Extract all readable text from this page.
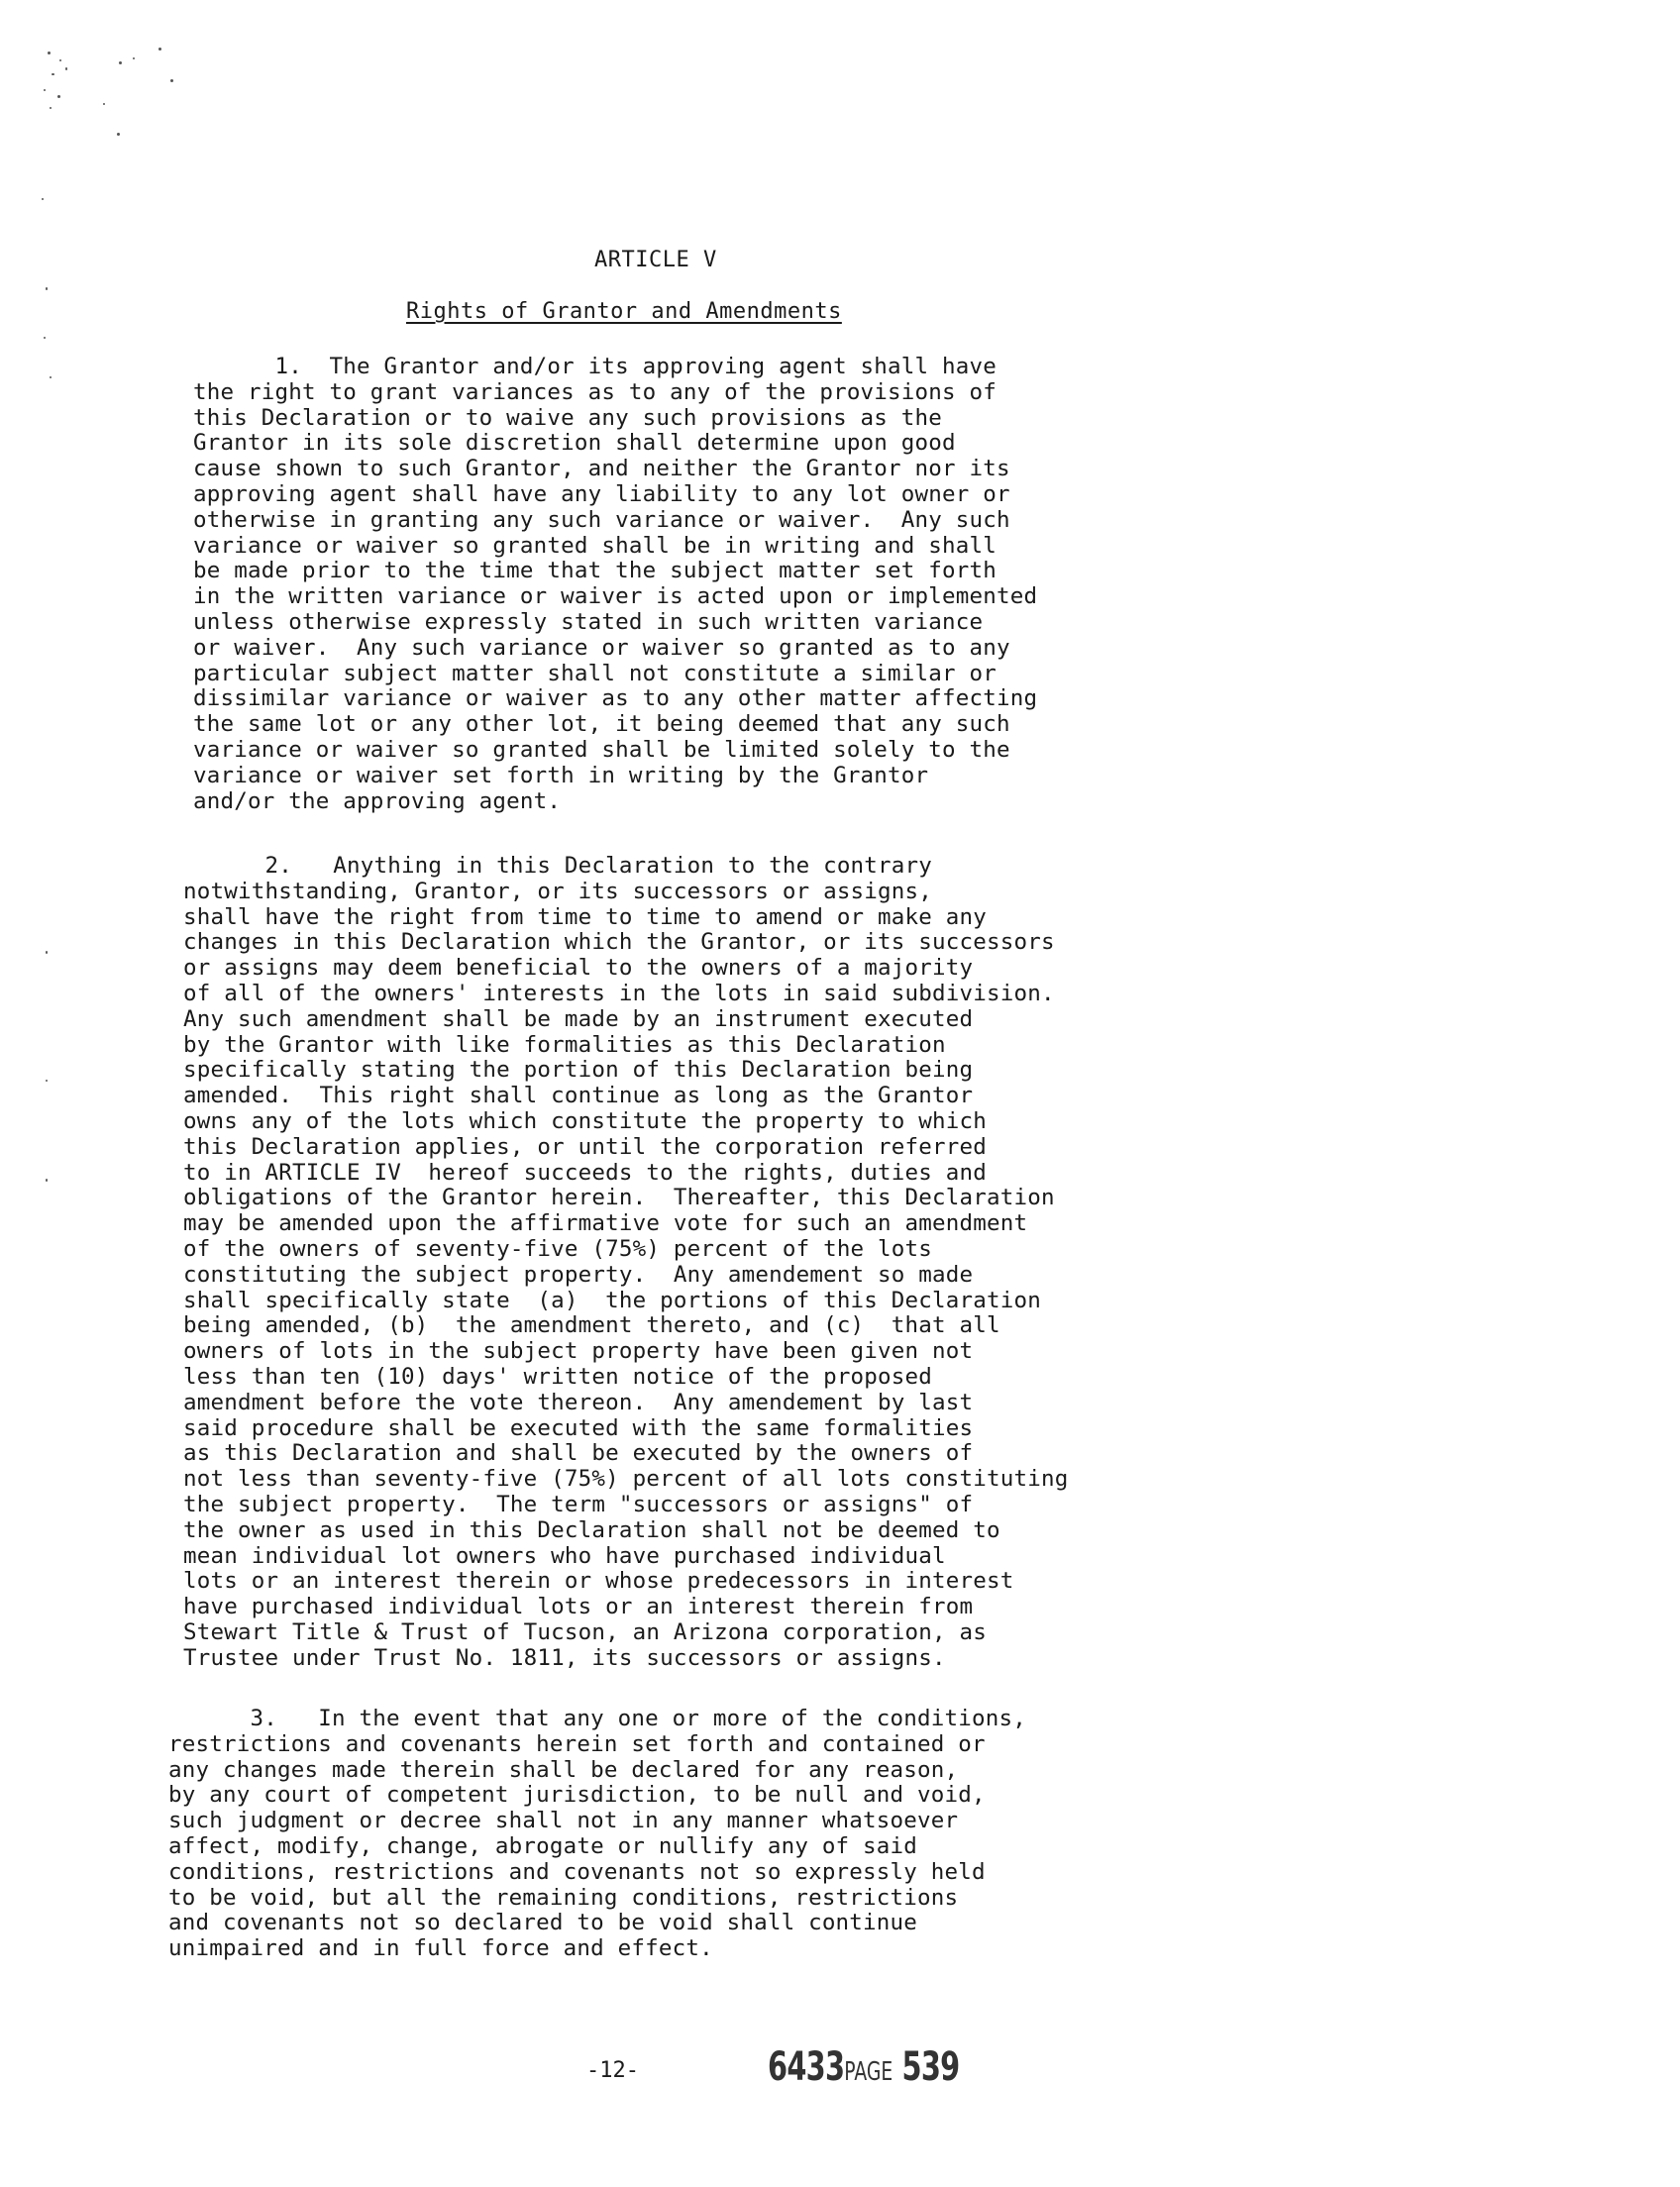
ARTICLE V
Rights of Grantor and Amendments
1.  The Grantor and/or its approving agent shall have
the right to grant variances as to any of the provisions of
this Declaration or to waive any such provisions as the
Grantor in its sole discretion shall determine upon good
cause shown to such Grantor, and neither the Grantor nor its
approving agent shall have any liability to any lot owner or
otherwise in granting any such variance or waiver.  Any such
variance or waiver so granted shall be in writing and shall
be made prior to the time that the subject matter set forth
in the written variance or waiver is acted upon or implemented
unless otherwise expressly stated in such written variance
or waiver.  Any such variance or waiver so granted as to any
particular subject matter shall not constitute a similar or
dissimilar variance or waiver as to any other matter affecting
the same lot or any other lot, it being deemed that any such
variance or waiver so granted shall be limited solely to the
variance or waiver set forth in writing by the Grantor
and/or the approving agent.
2.   Anything in this Declaration to the contrary
notwithstanding, Grantor, or its successors or assigns,
shall have the right from time to time to amend or make any
changes in this Declaration which the Grantor, or its successors
or assigns may deem beneficial to the owners of a majority
of all of the owners' interests in the lots in said subdivision.
Any such amendment shall be made by an instrument executed
by the Grantor with like formalities as this Declaration
specifically stating the portion of this Declaration being
amended.  This right shall continue as long as the Grantor
owns any of the lots which constitute the property to which
this Declaration applies, or until the corporation referred
to in ARTICLE IV  hereof succeeds to the rights, duties and
obligations of the Grantor herein.  Thereafter, this Declaration
may be amended upon the affirmative vote for such an amendment
of the owners of seventy-five (75%) percent of the lots
constituting the subject property.  Any amendement so made
shall specifically state  (a)  the portions of this Declaration
being amended, (b)  the amendment thereto, and (c)  that all
owners of lots in the subject property have been given not
less than ten (10) days' written notice of the proposed
amendment before the vote thereon.  Any amendement by last
said procedure shall be executed with the same formalities
as this Declaration and shall be executed by the owners of
not less than seventy-five (75%) percent of all lots constituting
the subject property.  The term "successors or assigns" of
the owner as used in this Declaration shall not be deemed to
mean individual lot owners who have purchased individual
lots or an interest therein or whose predecessors in interest
have purchased individual lots or an interest therein from
Stewart Title & Trust of Tucson, an Arizona corporation, as
Trustee under Trust No. 1811, its successors or assigns.
3.   In the event that any one or more of the conditions,
restrictions and covenants herein set forth and contained or
any changes made therein shall be declared for any reason,
by any court of competent jurisdiction, to be null and void,
such judgment or decree shall not in any manner whatsoever
affect, modify, change, abrogate or nullify any of said
conditions, restrictions and covenants not so expressly held
to be void, but all the remaining conditions, restrictions
and covenants not so declared to be void shall continue
unimpaired and in full force and effect.
-12-	6433PAGE 539
